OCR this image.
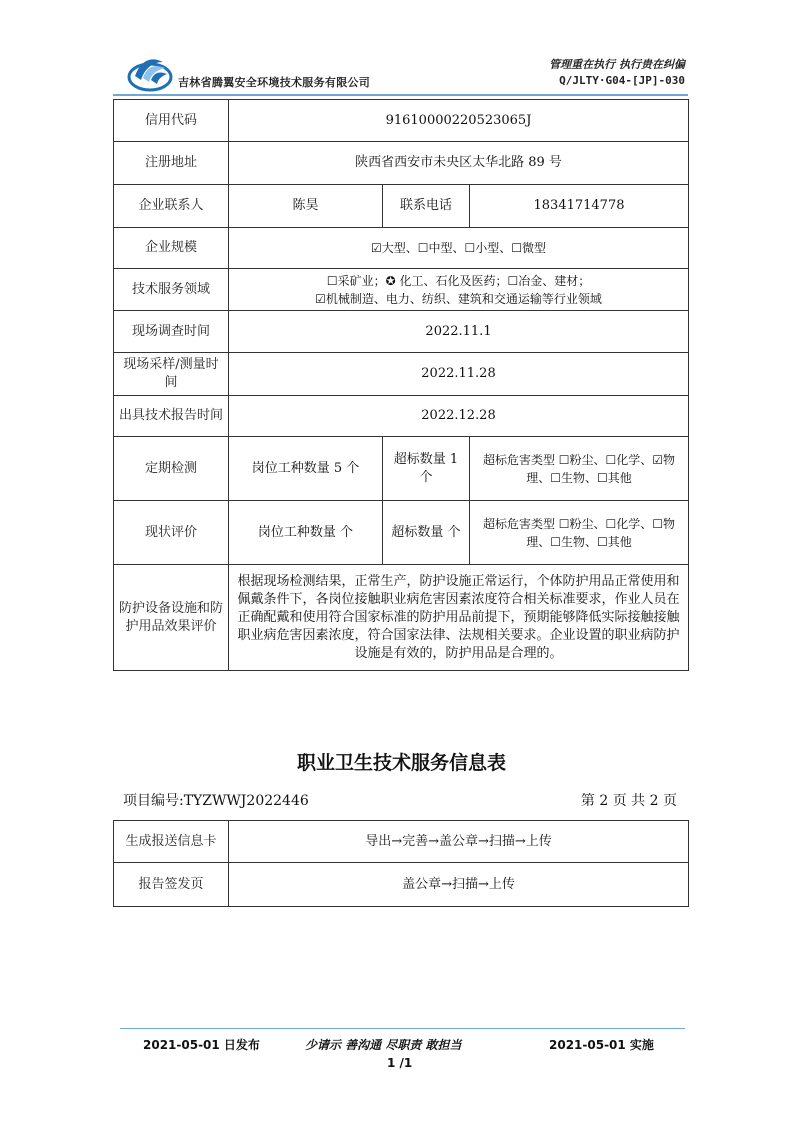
吉林省腾翼安全环境技术服务有限公司
管理重在执行 执行贵在纠偏
Q/JLTY·G04-[JP]-030
信用代码	91610000220523065J		
注册地址	陕西省西安市未央区太华北路 89 号		
企业联系人	陈昊	联系电话	18341714778
企业规模	☑大型、☐中型、☐小型、☐微型		
技术服务领域	☐采矿业；✪ 化工、石化及医药；☐冶金、建材；
☑机械制造、电力、纺织、建筑和交通运输等行业领域		

现场调查时间	2022.11.1		
现场采样/测量时间	2022.11.28		
出具技术报告时间	2022.12.28		
定期检测	岗位工种数量 5 个	超标数量 1 个	超标危害类型 ☐粉尘、☐化学、☑物理、☐生物、☐其他
现状评价	岗位工种数量 个	超标数量 个	超标危害类型 ☐粉尘、☐化学、☐物理、☐生物、☐其他
防护设备设施和防护用品效果评价	根据现场检测结果，正常生产，防护设施正常运行，个体防护用品正常使用和佩戴条件下，各岗位接触职业病危害因素浓度符合相关标准要求，作业人员在正确配戴和使用符合国家标准的防护用品前提下，预期能够降低实际接触接触职业病危害因素浓度，符合国家法律、法规相关要求。企业设置的职业病防护设施是有效的，防护用品是合理的。		
职业卫生技术服务信息表
项目编号:TYZWWJ2022446	第 2 页 共 2 页
生成报送信息卡	导出→完善→盖公章→扫描→上传
报告签发页	盖公章→扫描→上传
2021-05-01 日发布	少请示 善沟通 尽职责 敢担当	2021-05-01 实施
1 /1
